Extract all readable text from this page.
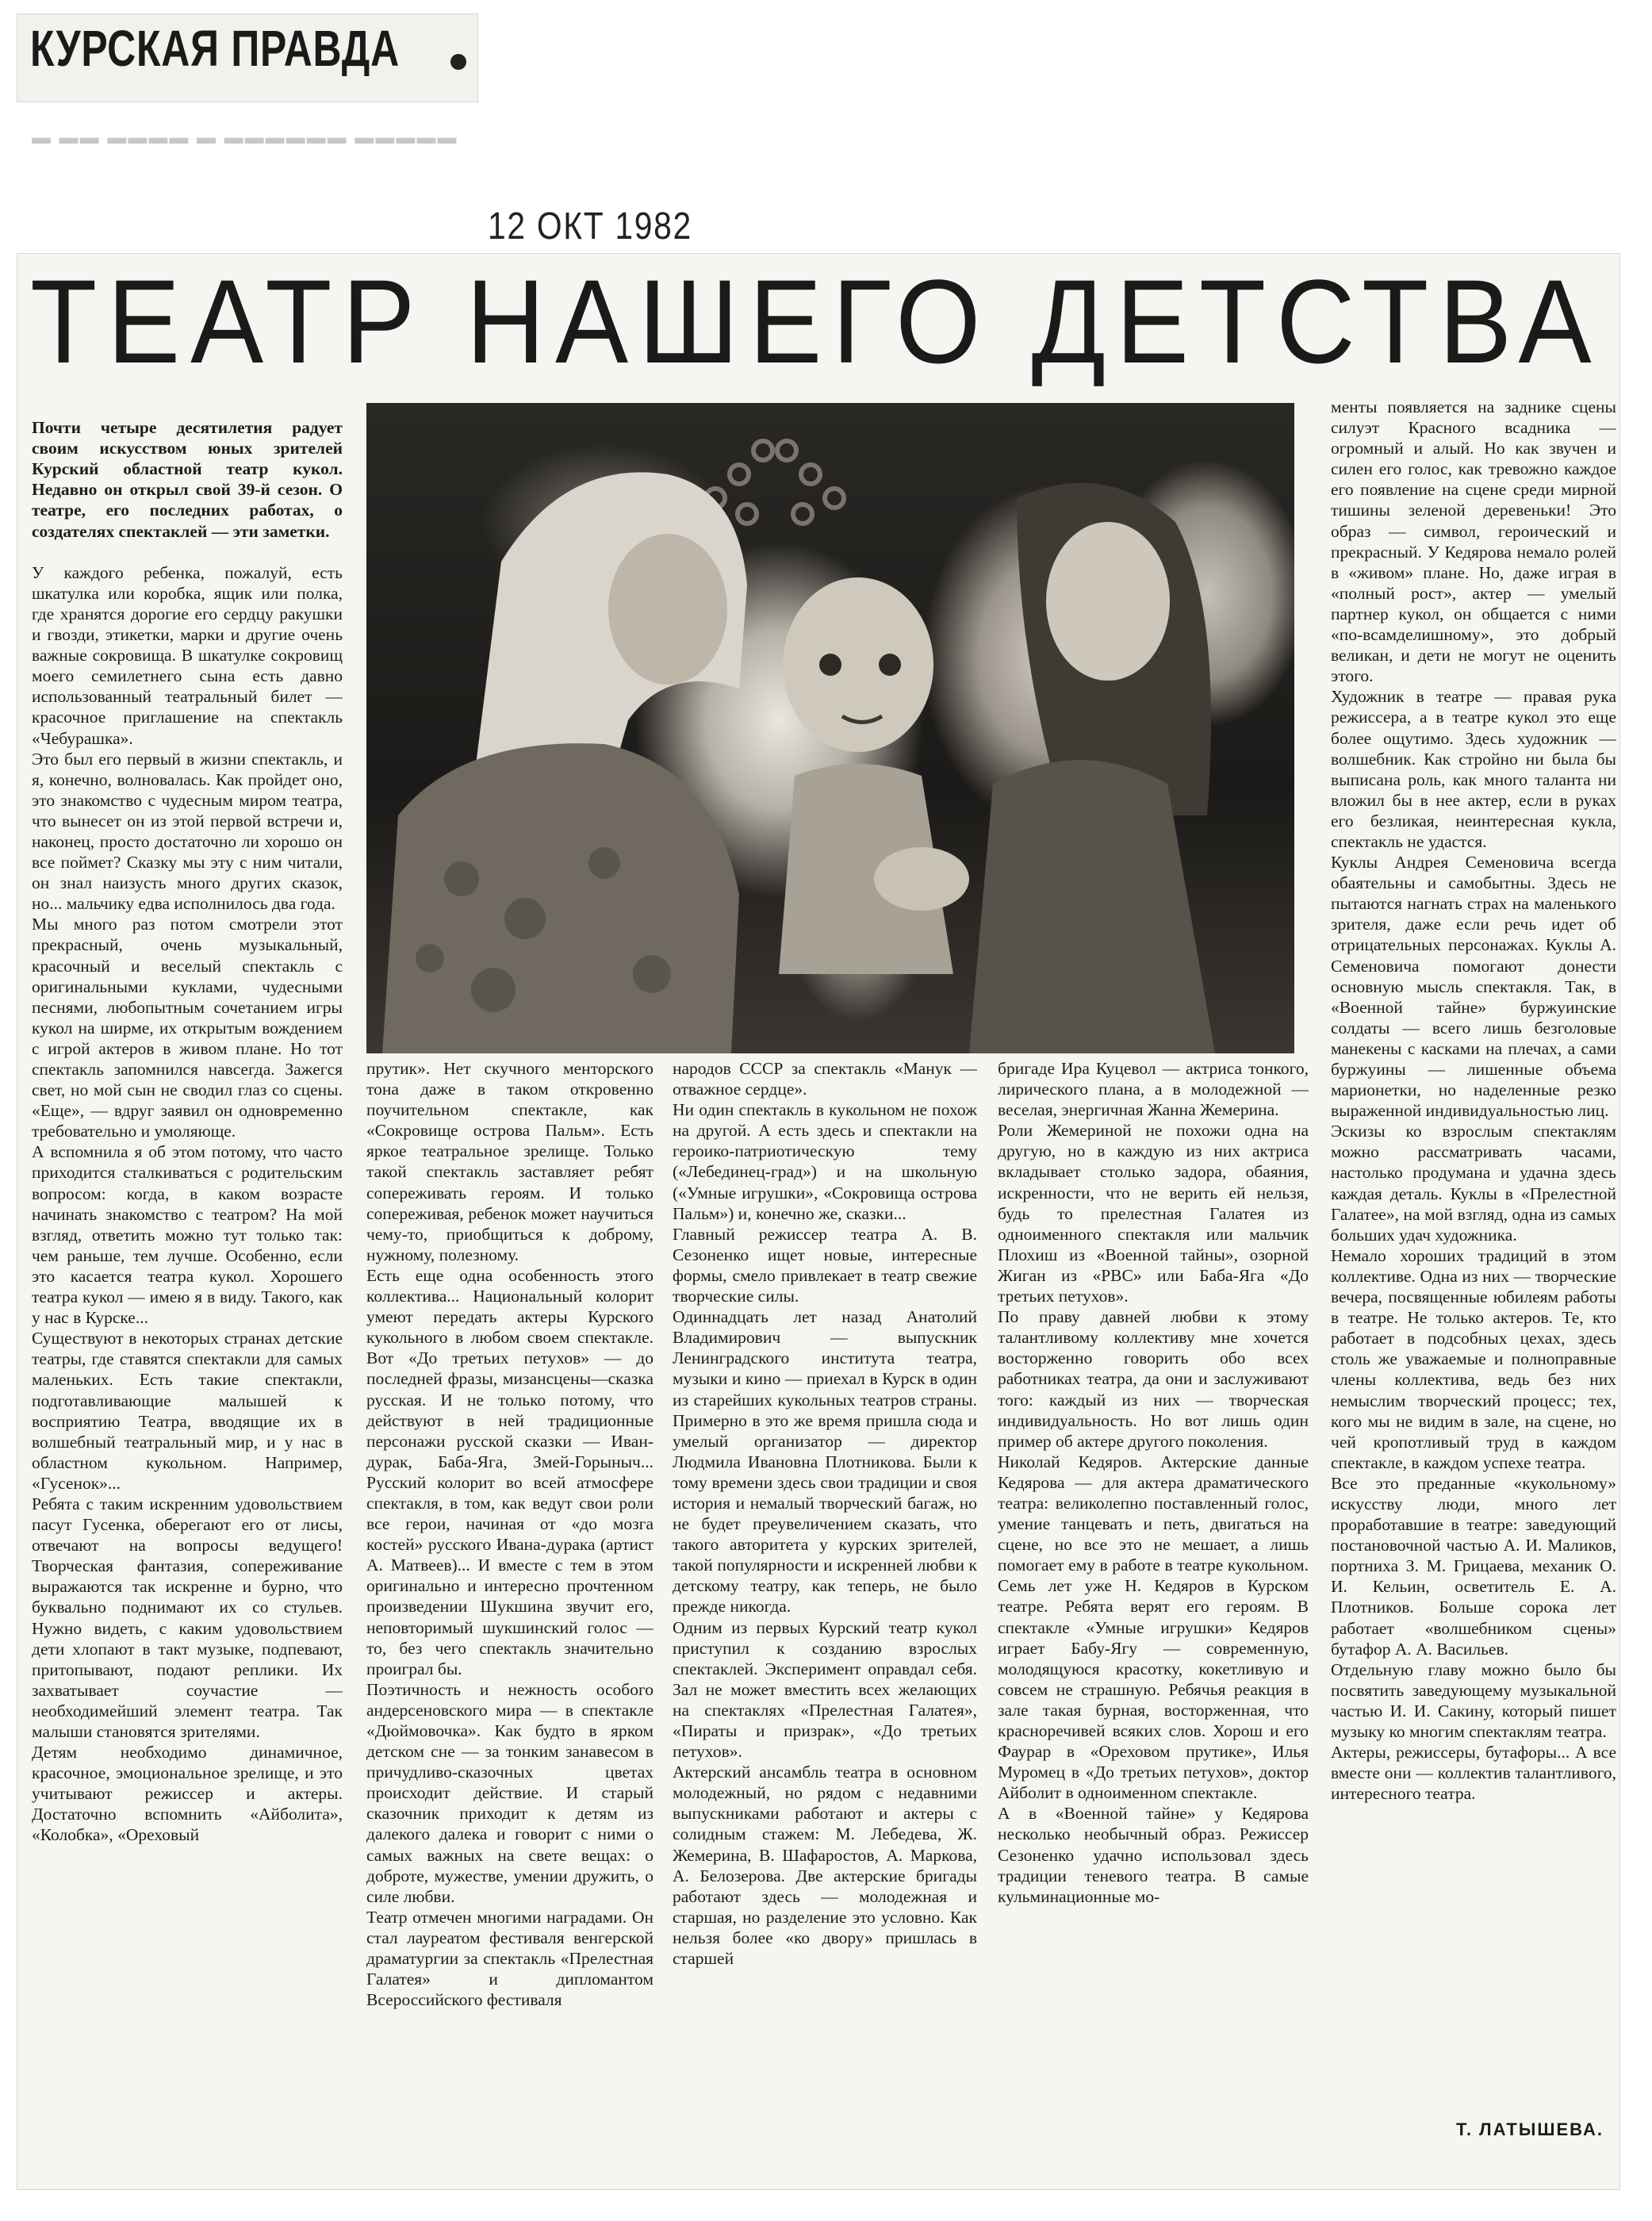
КУРСКАЯ ПРАВДА
▬ ▬▬ ▬▬▬▬ ▬ ▬▬▬▬▬▬ ▬▬▬▬▬
12 ОКТ 1982
ТЕАТР НАШЕГО ДЕТСТВА

Почти четыре десятилетия радует своим искусством юных зрителей Курский областной театр кукол. Недавно он открыл свой 39-й сезон. О театре, его последних работах, о создателях спектаклей — эти заметки.

У каждого ребенка, пожалуй, есть шкатулка или коробка, ящик или полка, где хранятся дорогие его сердцу ракушки и гвозди, этикетки, марки и другие очень важные сокровища. В шкатулке сокровищ моего семилетнего сына есть давно использованный театральный билет — красочное приглашение на спектакль «Чебурашка».
Это был его первый в жизни спектакль, и я, конечно, волновалась. Как пройдет оно, это знакомство с чудесным миром театра, что вынесет он из этой первой встречи и, наконец, просто достаточно ли хорошо он все поймет? Сказку мы эту с ним читали, он знал наизусть много других сказок, но... мальчику едва исполнилось два года.
Мы много раз потом смотрели этот прекрасный, очень музыкальный, красочный и веселый спектакль с оригинальными куклами, чудесными песнями, любопытным сочетанием игры кукол на ширме, их открытым вождением с игрой актеров в живом плане. Но тот спектакль запомнился навсегда. Зажегся свет, но мой сын не сводил глаз со сцены. «Еще», — вдруг заявил он одновременно требовательно и умоляюще.
А вспомнила я об этом потому, что часто приходится сталкиваться с родительским вопросом: когда, в каком возрасте начинать знакомство с театром? На мой взгляд, ответить можно тут только так: чем раньше, тем лучше. Особенно, если это касается театра кукол. Хорошего театра кукол — имею я в виду. Такого, как у нас в Курске...
Существуют в некоторых странах детские театры, где ставятся спектакли для самых маленьких. Есть такие спектакли, подготавливающие малышей к восприятию Театра, вводящие их в волшебный театральный мир, и у нас в областном кукольном. Например, «Гусенок»...
Ребята с таким искренним удовольствием пасут Гусенка, оберегают его от лисы, отвечают на вопросы ведущего! Творческая фантазия, сопереживание выражаются так искренне и бурно, что буквально поднимают их со стульев. Нужно видеть, с каким удовольствием дети хлопают в такт музыке, подпевают, притопывают, подают реплики. Их захватывает соучастие — необходимейший элемент театра. Так малыши становятся зрителями.
Детям необходимо динамичное, красочное, эмоциональное зрелище, и это учитывают режиссер и актеры. Достаточно вспомнить «Айболита», «Колобка», «Ореховый

прутик». Нет скучного менторского тона даже в таком откровенно поучительном спектакле, как «Сокровище острова Пальм». Есть яркое театральное зрелище. Только такой спектакль заставляет ребят сопереживать героям. И только сопереживая, ребенок может научиться чему-то, приобщиться к доброму, нужному, полезному.
Есть еще одна особенность этого коллектива... Национальный колорит умеют передать актеры Курского кукольного в любом своем спектакле. Вот «До третьих петухов» — до последней фразы, мизансцены—сказка русская. И не только потому, что действуют в ней традиционные персонажи русской сказки — Иван-дурак, Баба-Яга, Змей-Горыныч... Русский колорит во всей атмосфере спектакля, в том, как ведут свои роли все герои, начиная от «до мозга костей» русского Ивана-дурака (артист А. Матвеев)... И вместе с тем в этом оригинально и интересно прочтенном произведении Шукшина звучит его, неповторимый шукшинский голос — то, без чего спектакль значительно проиграл бы.
Поэтичность и нежность особого андерсеновского мира — в спектакле «Дюймовочка». Как будто в ярком детском сне — за тонким занавесом в причудливо-сказочных цветах происходит действие. И старый сказочник приходит к детям из далекого далека и говорит с ними о самых важных на свете вещах: о доброте, мужестве, умении дружить, о силе любви.
Театр отмечен многими наградами. Он стал лауреатом фестиваля венгерской драматургии за спектакль «Прелестная Галатея» и дипломантом Всероссийского фестиваля
народов СССР за спектакль «Манук — отважное сердце».
Ни один спектакль в кукольном не похож на другой. А есть здесь и спектакли на героико-патриотическую тему («Лебединец-град») и на школьную («Умные игрушки», «Сокровища острова Пальм») и, конечно же, сказки...
Главный режиссер театра А. В. Сезоненко ищет новые, интересные формы, смело привлекает в театр свежие творческие силы.
Одиннадцать лет назад Анатолий Владимирович — выпускник Ленинградского института театра, музыки и кино — приехал в Курск в один из старейших кукольных театров страны. Примерно в это же время пришла сюда и умелый организатор — директор Людмила Ивановна Плотникова. Были к тому времени здесь свои традиции и своя история и немалый творческий багаж, но не будет преувеличением сказать, что такого авторитета у курских зрителей, такой популярности и искренней любви к детскому театру, как теперь, не было прежде никогда.
Одним из первых Курский театр кукол приступил к созданию взрослых спектаклей. Эксперимент оправдал себя. Зал не может вместить всех желающих на спектаклях «Прелестная Галатея», «Пираты и призрак», «До третьих петухов».
Актерский ансамбль театра в основном молодежный, но рядом с недавними выпускниками работают и актеры с солидным стажем: М. Лебедева, Ж. Жемерина, В. Шафаростов, А. Маркова, А. Белозерова. Две актерские бригады работают здесь — молодежная и старшая, но разделение это условно. Как нельзя более «ко двору» пришлась в старшей
бригаде Ира Куцевол — актриса тонкого, лирического плана, а в молодежной — веселая, энергичная Жанна Жемерина.
Роли Жемериной не похожи одна на другую, но в каждую из них актриса вкладывает столько задора, обаяния, искренности, что не верить ей нельзя, будь то прелестная Галатея из одноименного спектакля или мальчик Плохиш из «Военной тайны», озорной Жиган из «РВС» или Баба-Яга «До третьих петухов».
По праву давней любви к этому талантливому коллективу мне хочется восторженно говорить обо всех работниках театра, да они и заслуживают того: каждый из них — творческая индивидуальность. Но вот лишь один пример об актере другого поколения.
Николай Кедяров. Актерские данные Кедярова — для актера драматического театра: великолепно поставленный голос, умение танцевать и петь, двигаться на сцене, но все это не мешает, а лишь помогает ему в работе в театре кукольном. Семь лет уже Н. Кедяров в Курском театре. Ребята верят его героям. В спектакле «Умные игрушки» Кедяров играет Бабу-Ягу — современную, молодящуюся красотку, кокетливую и совсем не страшную. Ребячья реакция в зале такая бурная, восторженная, что красноречивей всяких слов. Хорош и его Фаурар в «Ореховом прутике», Илья Муромец в «До третьих петухов», доктор Айболит в одноименном спектакле.
А в «Военной тайне» у Кедярова несколько необычный образ. Режиссер Сезоненко удачно использовал здесь традиции теневого театра. В самые кульминационные мо-
менты появляется на заднике сцены силуэт Красного всадника — огромный и алый. Но как звучен и силен его голос, как тревожно каждое его появление на сцене среди мирной тишины зеленой деревеньки! Это образ — символ, героический и прекрасный. У Кедярова немало ролей в «живом» плане. Но, даже играя в «полный рост», актер — умелый партнер кукол, он общается с ними «по-всамделишному», это добрый великан, и дети не могут не оценить этого.
Художник в театре — правая рука режиссера, а в театре кукол это еще более ощутимо. Здесь художник — волшебник. Как стройно ни была бы выписана роль, как много таланта ни вложил бы в нее актер, если в руках его безликая, неинтересная кукла, спектакль не удастся.
Куклы Андрея Семеновича всегда обаятельны и самобытны. Здесь не пытаются нагнать страх на маленького зрителя, даже если речь идет об отрицательных персонажах. Куклы А. Семеновича помогают донести основную мысль спектакля. Так, в «Военной тайне» буржуинские солдаты — всего лишь безголовые манекены с касками на плечах, а сами буржуины — лишенные объема марионетки, но наделенные резко выраженной индивидуальностью лиц.
Эскизы ко взрослым спектаклям можно рассматривать часами, настолько продумана и удачна здесь каждая деталь. Куклы в «Прелестной Галатее», на мой взгляд, одна из самых больших удач художника.
Немало хороших традиций в этом коллективе. Одна из них — творческие вечера, посвященные юбилеям работы в театре. Не только актеров. Те, кто работает в подсобных цехах, здесь столь же уважаемые и полноправные члены коллектива, ведь без них немыслим творческий процесс; тех, кого мы не видим в зале, на сцене, но чей кропотливый труд в каждом спектакле, в каждом успехе театра.
Все это преданные «кукольному» искусству люди, много лет проработавшие в театре: заведующий постановочной частью А. И. Маликов, портниха З. М. Грицаева, механик О. И. Кельин, осветитель Е. А. Плотников. Больше сорока лет работает «волшебником сцены» бутафор А. А. Васильев.
Отдельную главу можно было бы посвятить заведующему музыкальной частью И. И. Сакину, который пишет музыку ко многим спектаклям театра.
Актеры, режиссеры, бутафоры... А все вместе они — коллектив талантливого, интересного театра.
Т. ЛАТЫШЕВА.
